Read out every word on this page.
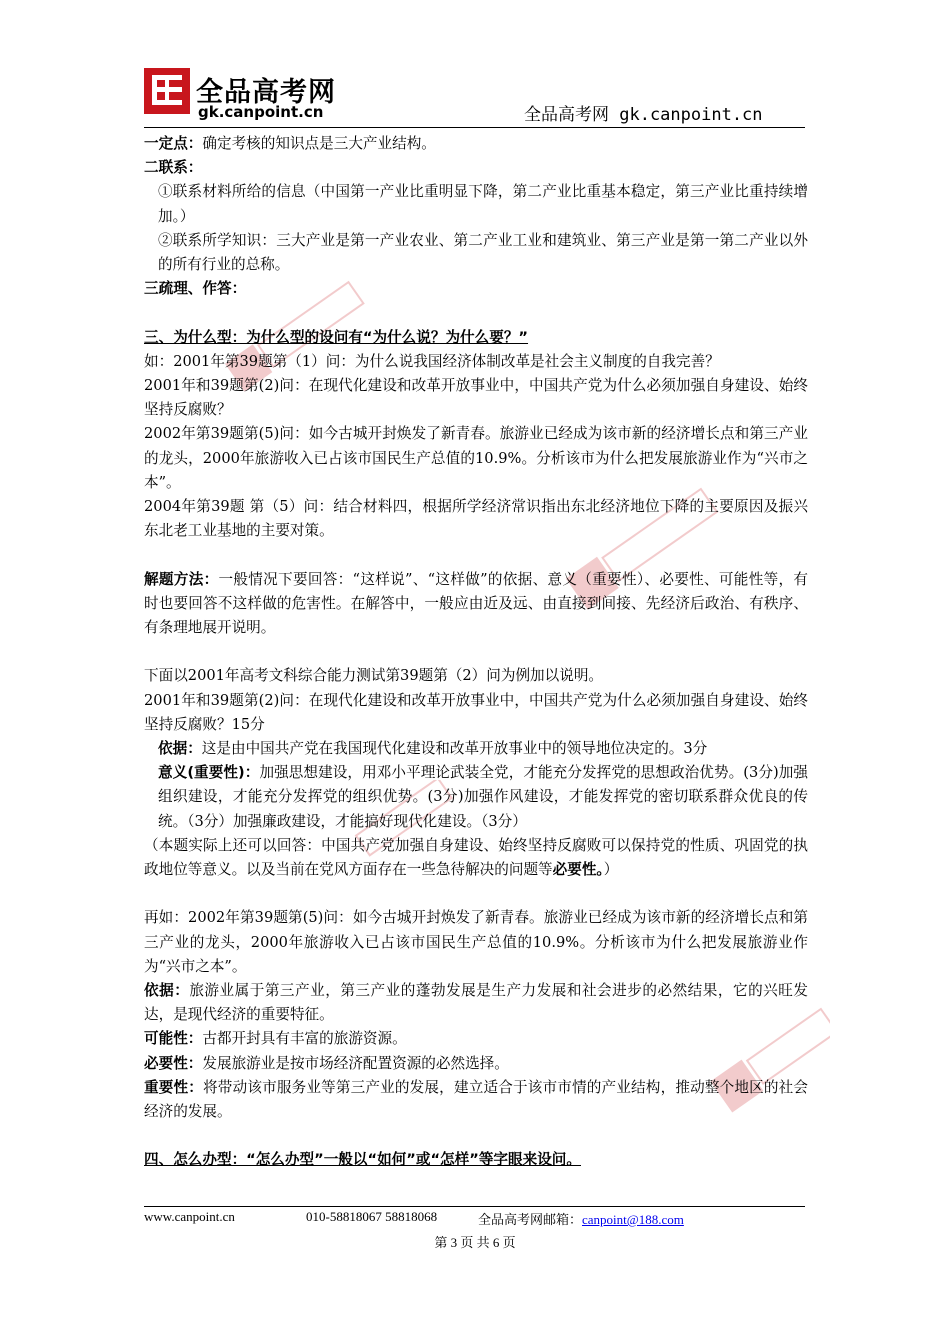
全品高考网
gk.canpoint.cn	全品高考网 gk.canpoint.cn

一定点：确定考核的知识点是三大产业结构。

二联系：

①联系材料所给的信息（中国第一产业比重明显下降，第二产业比重基本稳定，第三产业比重持续增加。）

②联系所学知识：三大产业是第一产业农业、第二产业工业和建筑业、第三产业是第一第二产业以外的所有行业的总称。

三疏理、作答：

三、为什么型：为什么型的设问有“为什么说？为什么要？”

如：2001年第39题第（1）问：为什么说我国经济体制改革是社会主义制度的自我完善？

2001年和39题第(2)问：在现代化建设和改革开放事业中，中国共产党为什么必须加强自身建设、始终坚持反腐败？

2002年第39题第(5)问：如今古城开封焕发了新青春。旅游业已经成为该市新的经济增长点和第三产业的龙头，2000年旅游收入已占该市国民生产总值的10.9%。分析该市为什么把发展旅游业作为“兴市之本”。

2004年第39题 第（5）问：结合材料四，根据所学经济常识指出东北经济地位下降的主要原因及振兴东北老工业基地的主要对策。

解题方法：一般情况下要回答：“这样说”、“这样做”的依据、意义（重要性）、必要性、可能性等，有时也要回答不这样做的危害性。在解答中，一般应由近及远、由直接到间接、先经济后政治、有秩序、有条理地展开说明。

下面以2001年高考文科综合能力测试第39题第（2）问为例加以说明。

2001年和39题第(2)问：在现代化建设和改革开放事业中，中国共产党为什么必须加强自身建设、始终坚持反腐败？15分

依据：这是由中国共产党在我国现代化建设和改革开放事业中的领导地位决定的。3分

意义(重要性)：加强思想建设，用邓小平理论武装全党，才能充分发挥党的思想政治优势。(3分)加强组织建设，才能充分发挥党的组织优势。(3分)加强作风建设，才能发挥党的密切联系群众优良的传统。（3分）加强廉政建设，才能搞好现代化建设。（3分）

（本题实际上还可以回答：中国共产党加强自身建设、始终坚持反腐败可以保持党的性质、巩固党的执政地位等意义。以及当前在党风方面存在一些急待解决的问题等必要性。）

再如：2002年第39题第(5)问：如今古城开封焕发了新青春。旅游业已经成为该市新的经济增长点和第三产业的龙头，2000年旅游收入已占该市国民生产总值的10.9%。分析该市为什么把发展旅游业作为“兴市之本”。

依据：旅游业属于第三产业，第三产业的蓬勃发展是生产力发展和社会进步的必然结果，它的兴旺发达，是现代经济的重要特征。

可能性：古都开封具有丰富的旅游资源。

必要性：发展旅游业是按市场经济配置资源的必然选择。

重要性：将带动该市服务业等第三产业的发展，建立适合于该市市情的产业结构，推动整个地区的社会经济的发展。

四、怎么办型：“怎么办型”一般以“如何”或“怎样”等字眼来设问。

www.canpoint.cn	010-58818067 58818068	全品高考网邮箱：canpoint@188.com
第 3 页 共 6 页
